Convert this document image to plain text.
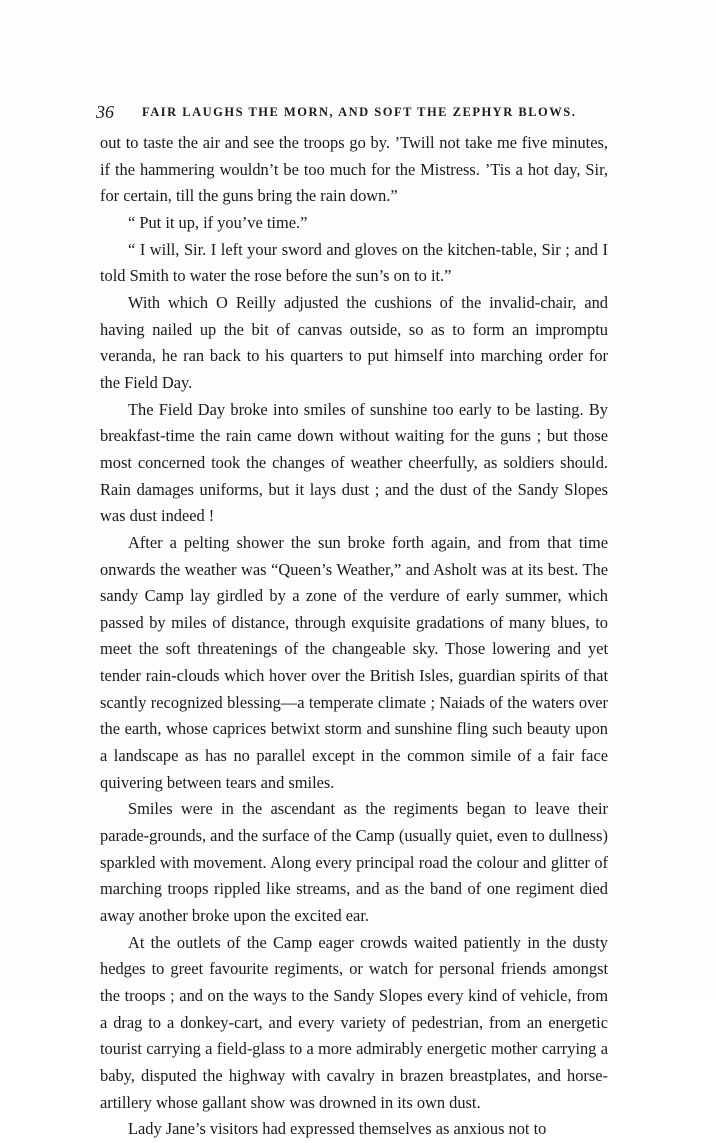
36 FAIR LAUGHS THE MORN, AND SOFT THE ZEPHYR BLOWS.

out to taste the air and see the troops go by. ’Twill not take me five minutes, if the hammering wouldn’t be too much for the Mistress. ’Tis a hot day, Sir, for certain, till the guns bring the rain down.”

“ Put it up, if you’ve time.”

“ I will, Sir. I left your sword and gloves on the kitchen-table, Sir ; and I told Smith to water the rose before the sun’s on to it.”

With which O Reilly adjusted the cushions of the invalid-chair, and having nailed up the bit of canvas outside, so as to form an impromptu veranda, he ran back to his quarters to put himself into marching order for the Field Day.

The Field Day broke into smiles of sunshine too early to be lasting. By breakfast-time the rain came down without waiting for the guns ; but those most concerned took the changes of weather cheerfully, as soldiers should. Rain damages uniforms, but it lays dust ; and the dust of the Sandy Slopes was dust indeed !

After a pelting shower the sun broke forth again, and from that time onwards the weather was “Queen’s Weather,” and Asholt was at its best. The sandy Camp lay girdled by a zone of the verdure of early summer, which passed by miles of distance, through exquisite gradations of many blues, to meet the soft threatenings of the changeable sky. Those lowering and yet tender rain-clouds which hover over the British Isles, guardian spirits of that scantly recognized blessing—a temperate climate ; Naiads of the waters over the earth, whose caprices betwixt storm and sunshine fling such beauty upon a landscape as has no parallel except in the common simile of a fair face quivering between tears and smiles.

Smiles were in the ascendant as the regiments began to leave their parade-grounds, and the surface of the Camp (usually quiet, even to dullness) sparkled with movement. Along every principal road the colour and glitter of marching troops rippled like streams, and as the band of one regiment died away another broke upon the excited ear.

At the outlets of the Camp eager crowds waited patiently in the dusty hedges to greet favourite regiments, or watch for personal friends amongst the troops ; and on the ways to the Sandy Slopes every kind of vehicle, from a drag to a donkey-cart, and every variety of pedestrian, from an energetic tourist carrying a field-glass to a more admirably energetic mother carrying a baby, disputed the highway with cavalry in brazen breastplates, and horse-artillery whose gallant show was drowned in its own dust.

Lady Jane’s visitors had expressed themselves as anxious not to
